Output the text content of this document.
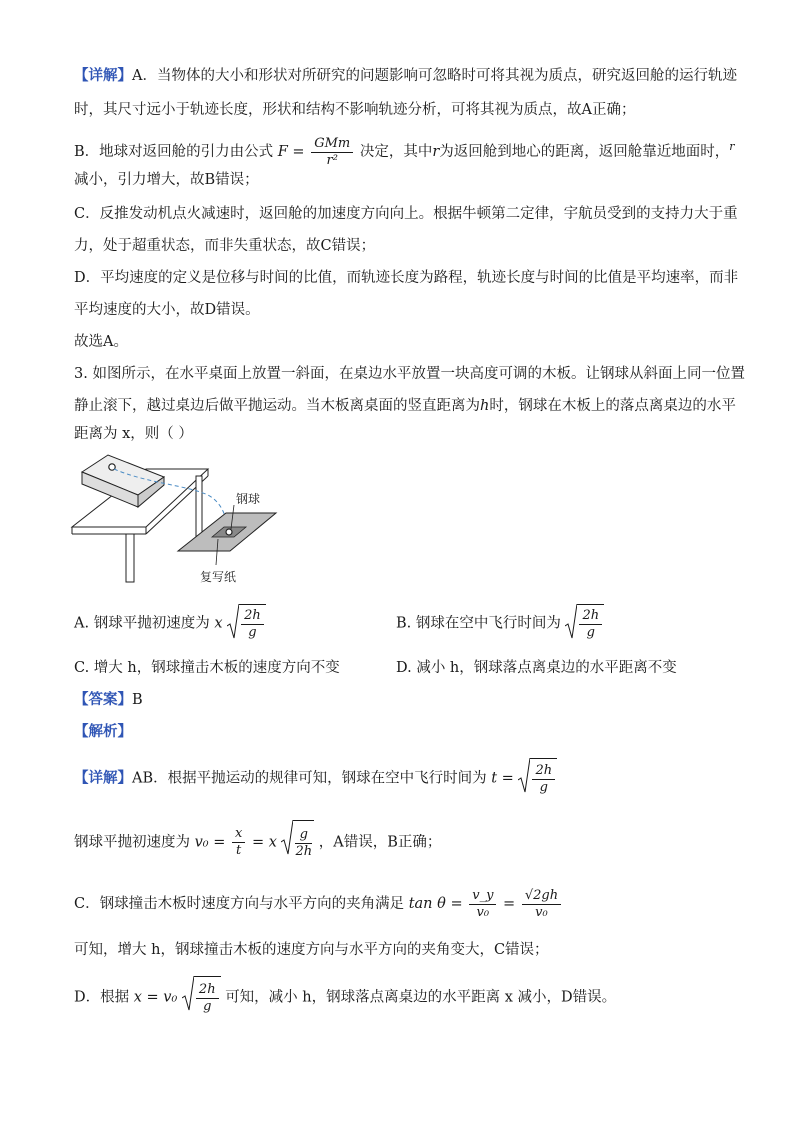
【详解】A．当物体的大小和形状对所研究的问题影响可忽略时可将其视为质点，研究返回舱的运行轨迹
时，其尺寸远小于轨迹长度，形状和结构不影响轨迹分析，可将其视为质点，故A正确；
B．地球对返回舱的引力由公式 $F = \frac{\text{GMm}}{\text{r²}}$ 决定，其中r为返回舱到地心的距离，返回舱靠近地面时，$^r$
减小，引力增大，故B错误；
C．反推发动机点火减速时，返回舱的加速度方向向上。根据牛顿第二定律，宇航员受到的支持力大于重
力，处于超重状态，而非失重状态，故C错误；
D．平均速度的定义是位移与时间的比值，而轨迹长度为路程，轨迹长度与时间的比值是平均速率，而非
平均速度的大小，故D错误。
故选A。
3. 如图所示，在水平桌面上放置一斜面，在桌边水平放置一块高度可调的木板。让钢球从斜面上同一位置
静止滚下，越过桌边后做平抛运动。当木板离桌面的竖直距离为h时，钢球在木板上的落点离桌边的水平
距离为 x，则（ ）
钢球
复写纸
A. 钢球平抛初速度为 x $\frac{2h}{g}$	B. 钢球在空中飞行时间为 $\frac{2h}{g}$
C. 增大 h，钢球撞击木板的速度方向不变	D. 减小 h，钢球落点离桌边的水平距离不变
【答案】B
【解析】
【详解】AB．根据平抛运动的规律可知，钢球在空中飞行时间为 $t = \frac{2h}{g}$
钢球平抛初速度为 $v_0 = \frac{x}{t} = x \frac{g}{2h}$ ，A错误，B正确；
C．钢球撞击木板时速度方向与水平方向的夹角满足 $\tan \theta = \frac{v\_y}{\text{v₀}} = \frac{√2gh}{\text{v₀}}$
可知，增大 h，钢球撞击木板的速度方向与水平方向的夹角变大，C错误；
D．根据 $x = v_0 \frac{2h}{g}$ 可知，减小 h，钢球落点离桌边的水平距离 x 减小，D错误。
